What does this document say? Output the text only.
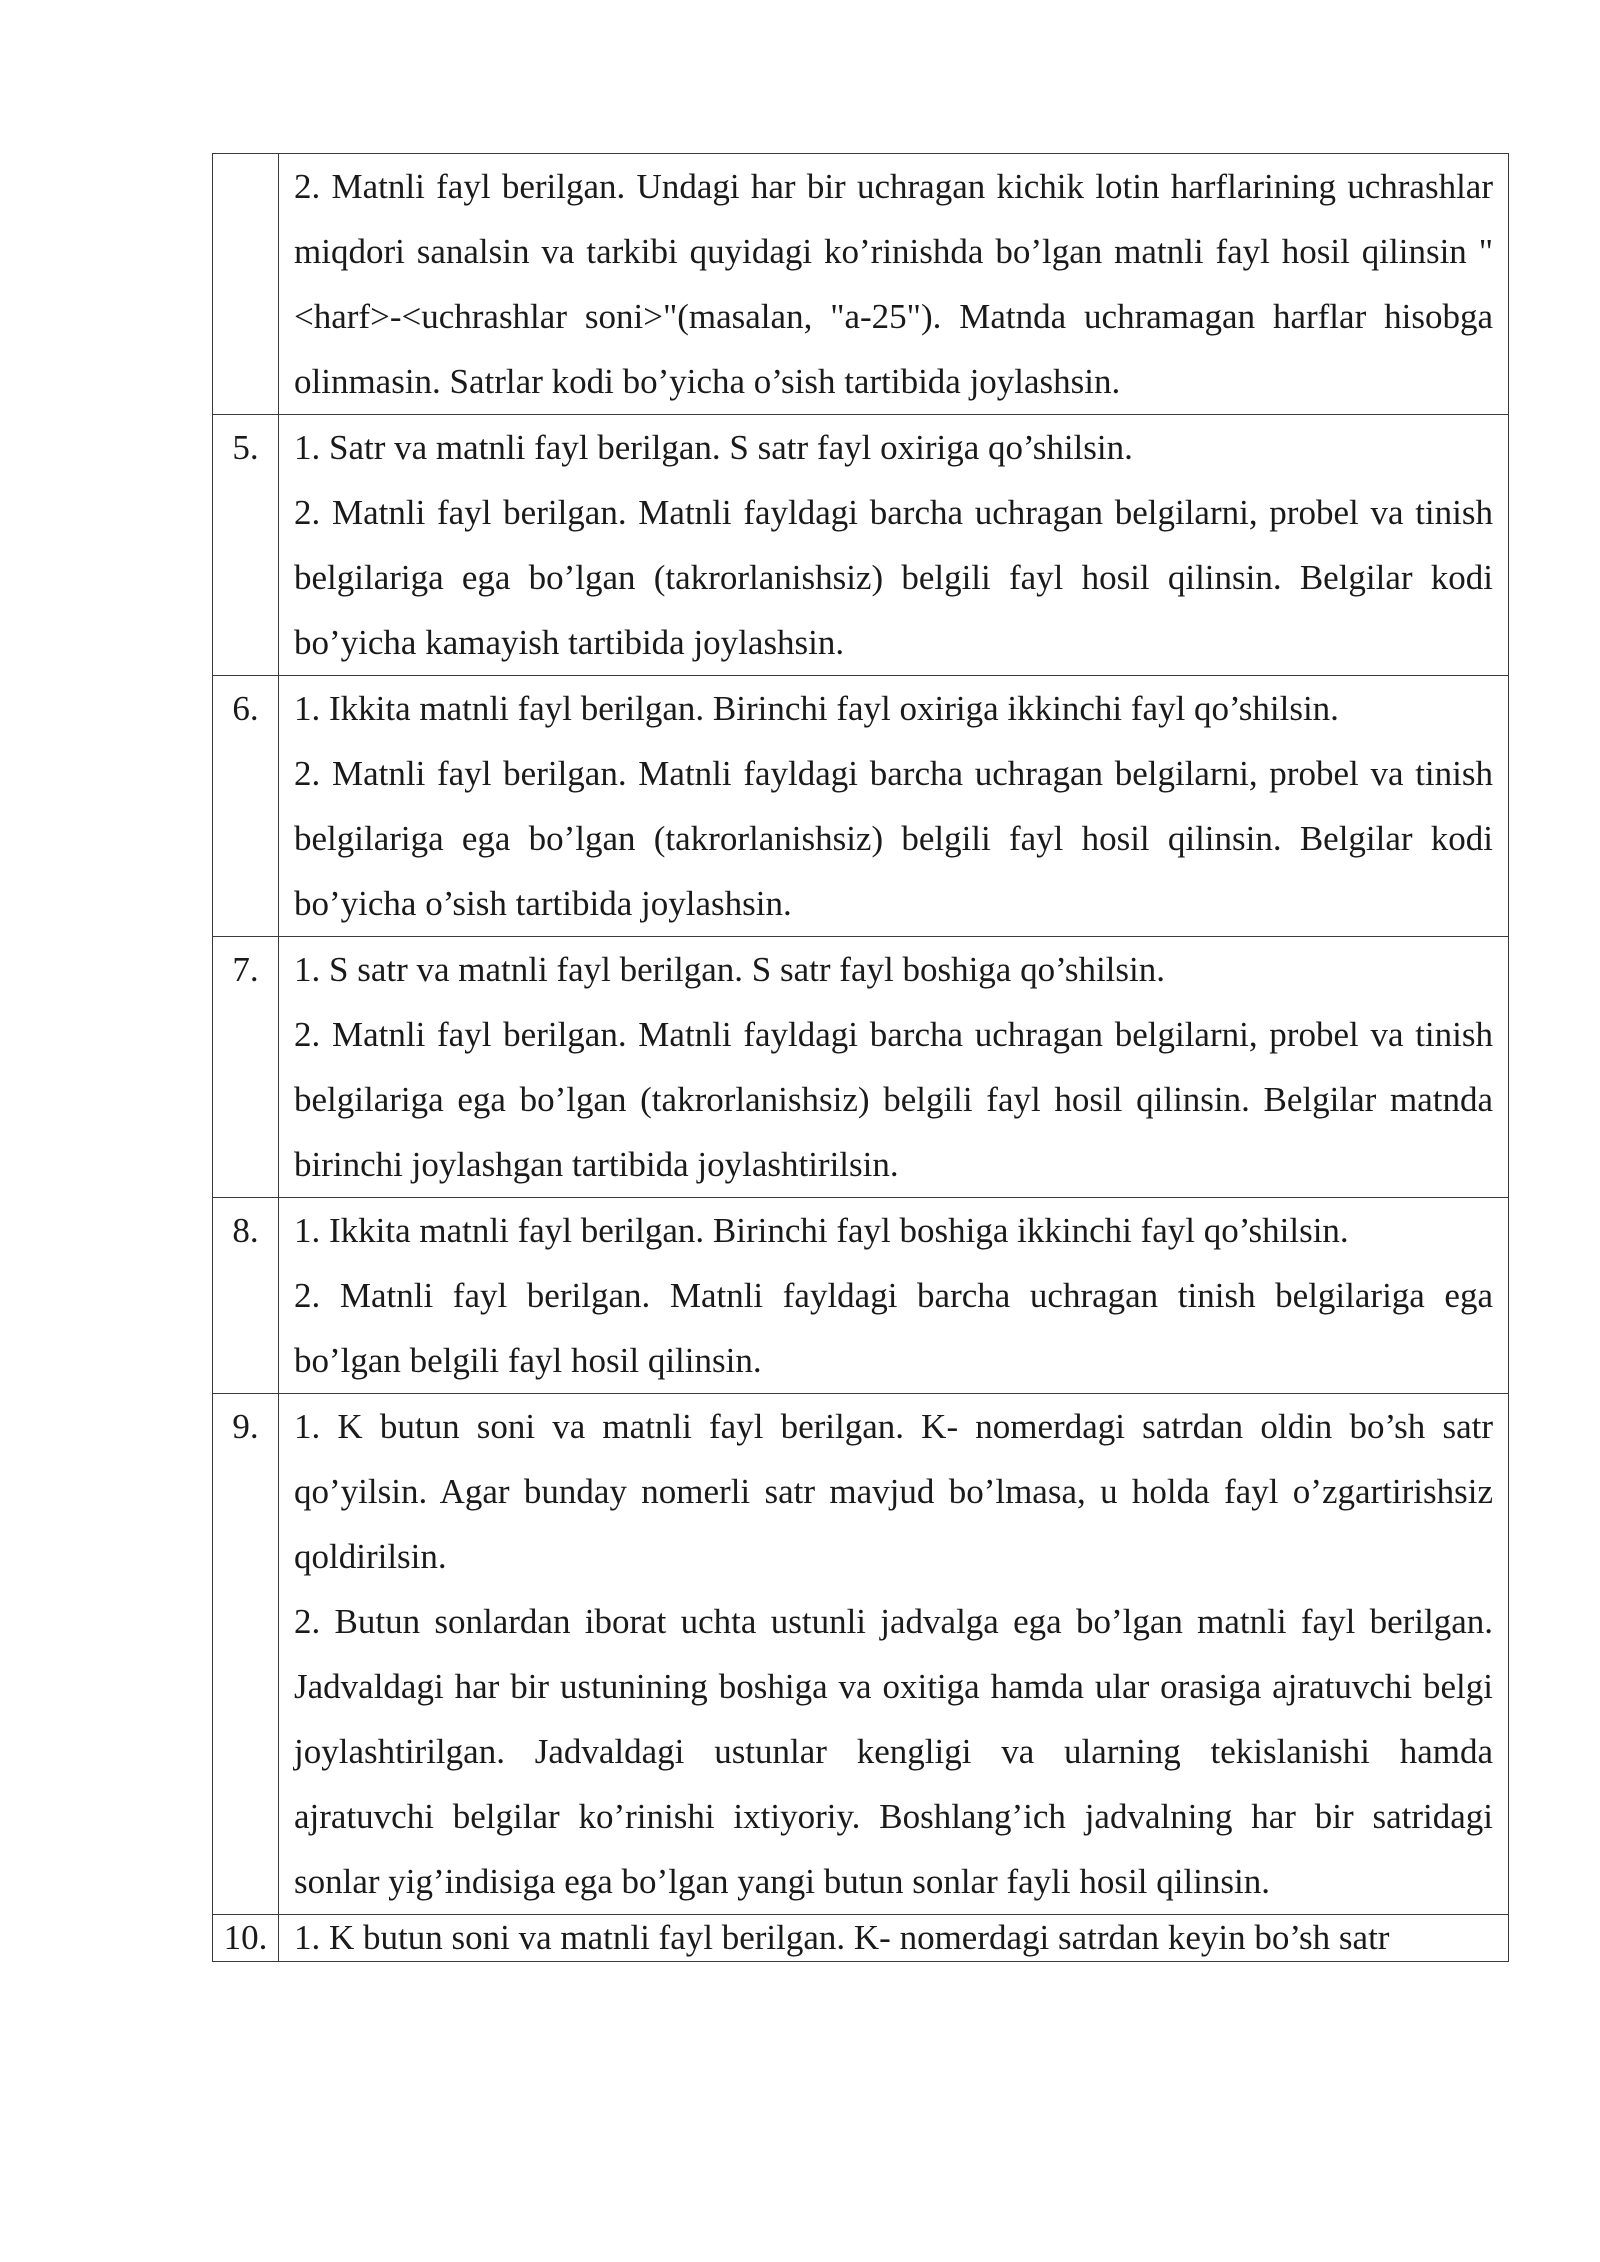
	2. Matnli fayl berilgan. Undagi har bir uchragan kichik lotin harflarining uchrashlar miqdori sanalsin va tarkibi quyidagi ko’rinishda bo’lgan matnli fayl hosil qilinsin "<harf>-<uchrashlar soni>"(masalan, "a-25"). Matnda uchramagan harflar hisobga olinmasin. Satrlar kodi bo’yicha o’sish tartibida joylashsin.

5.	1. Satr va matnli fayl berilgan. S satr fayl oxiriga qo’shilsin.

2. Matnli fayl berilgan. Matnli fayldagi barcha uchragan belgilarni, probel va tinish belgilariga ega bo’lgan (takrorlanishsiz) belgili fayl hosil qilinsin. Belgilar kodi bo’yicha kamayish tartibida joylashsin.

6.	1. Ikkita matnli fayl berilgan. Birinchi fayl oxiriga ikkinchi fayl qo’shilsin.

2. Matnli fayl berilgan. Matnli fayldagi barcha uchragan belgilarni, probel va tinish belgilariga ega bo’lgan (takrorlanishsiz) belgili fayl hosil qilinsin. Belgilar kodi bo’yicha o’sish tartibida joylashsin.

7.	1. S satr va matnli fayl berilgan. S satr fayl boshiga qo’shilsin.

2. Matnli fayl berilgan. Matnli fayldagi barcha uchragan belgilarni, probel va tinish belgilariga ega bo’lgan (takrorlanishsiz) belgili fayl hosil qilinsin. Belgilar matnda birinchi joylashgan tartibida joylashtirilsin.

8.	1. Ikkita matnli fayl berilgan. Birinchi fayl boshiga ikkinchi fayl qo’shilsin.

2. Matnli fayl berilgan. Matnli fayldagi barcha uchragan tinish belgilariga ega bo’lgan belgili fayl hosil qilinsin.

9.	1. K butun soni va matnli fayl berilgan. K- nomerdagi satrdan oldin bo’sh satr qo’yilsin. Agar bunday nomerli satr mavjud bo’lmasa, u holda fayl o’zgartirishsiz qoldirilsin.

2. Butun sonlardan iborat uchta ustunli jadvalga ega bo’lgan matnli fayl berilgan. Jadvaldagi har bir ustunining boshiga va oxitiga hamda ular orasiga ajratuvchi belgi joylashtirilgan. Jadvaldagi ustunlar kengligi va ularning tekislanishi hamda ajratuvchi belgilar ko’rinishi ixtiyoriy. Boshlang’ich jadvalning har bir satridagi sonlar yig’indisiga ega bo’lgan yangi butun sonlar fayli hosil qilinsin.

10.	1. K butun soni va matnli fayl berilgan. K- nomerdagi satrdan keyin bo’sh satr
